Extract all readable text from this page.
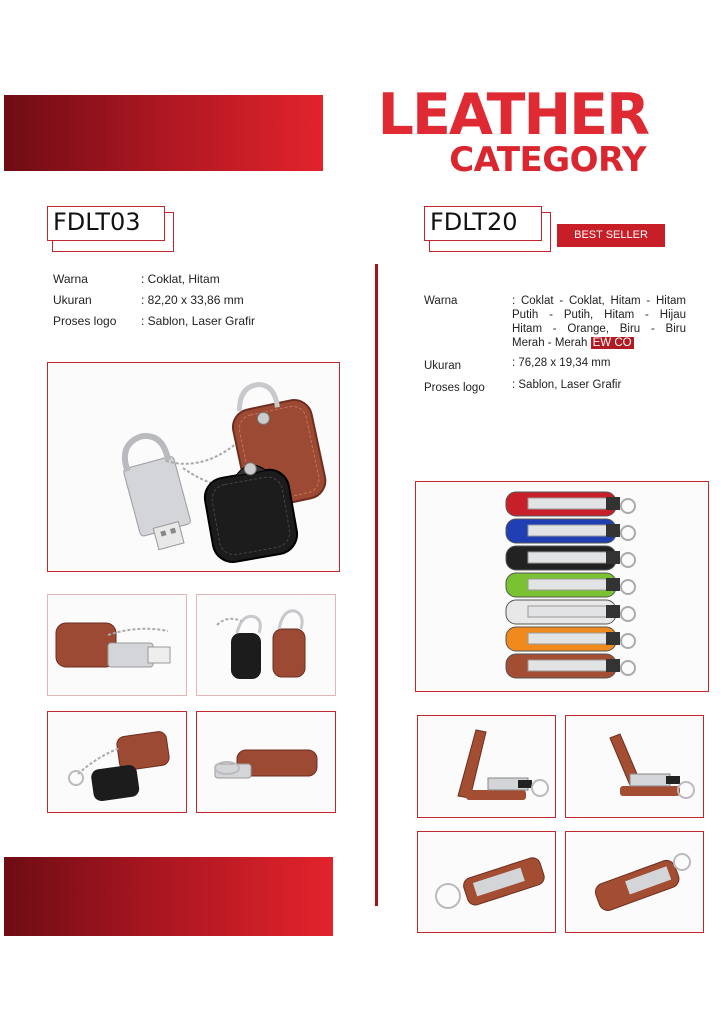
LEATHER
CATEGORY
FDLT03
Warna	: Coklat, Hitam
Ukuran	: 82,20 x 33,86 mm
Proses logo : Sablon, Laser Grafir
FDLT20	BEST SELLER
Warna	: Coklat - Coklat, Hitam - Hitam
Putih - Putih, Hitam - Hijau
Hitam - Orange, Biru - Biru
Merah - Merah EW CO
Ukuran	: 76,28 x 19,34 mm
Proses logo : Sablon, Laser Grafir
